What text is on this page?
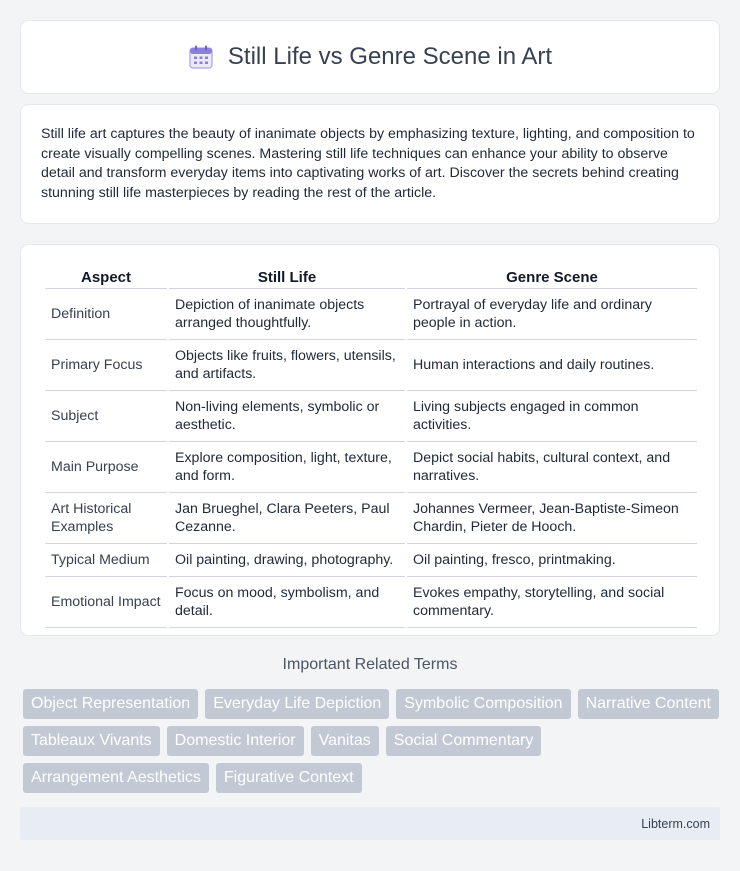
Still Life vs Genre Scene in Art

Still life art captures the beauty of inanimate objects by emphasizing texture, lighting, and composition to create visually compelling scenes. Mastering still life techniques can enhance your ability to observe detail and transform everyday items into captivating works of art. Discover the secrets behind creating stunning still life masterpieces by reading the rest of the article.

Aspect	Still Life	Genre Scene
Definition	Depiction of inanimate objects arranged thoughtfully.	Portrayal of everyday life and ordinary people in action.
Primary Focus	Objects like fruits, flowers, utensils, and artifacts.	Human interactions and daily routines.
Subject	Non-living elements, symbolic or aesthetic.	Living subjects engaged in common activities.
Main Purpose	Explore composition, light, texture, and form.	Depict social habits, cultural context, and narratives.
Art Historical Examples	Jan Brueghel, Clara Peeters, Paul Cezanne.	Johannes Vermeer, Jean-Baptiste-Simeon Chardin, Pieter de Hooch.
Typical Medium	Oil painting, drawing, photography.	Oil painting, fresco, printmaking.
Emotional Impact	Focus on mood, symbolism, and detail.	Evokes empathy, storytelling, and social commentary.
Important Related Terms
Object Representation	Everyday Life Depiction	Symbolic Composition	Narrative Content
Tableaux Vivants	Domestic Interior	Vanitas	Social Commentary
Arrangement Aesthetics	Figurative Context
Libterm.com
